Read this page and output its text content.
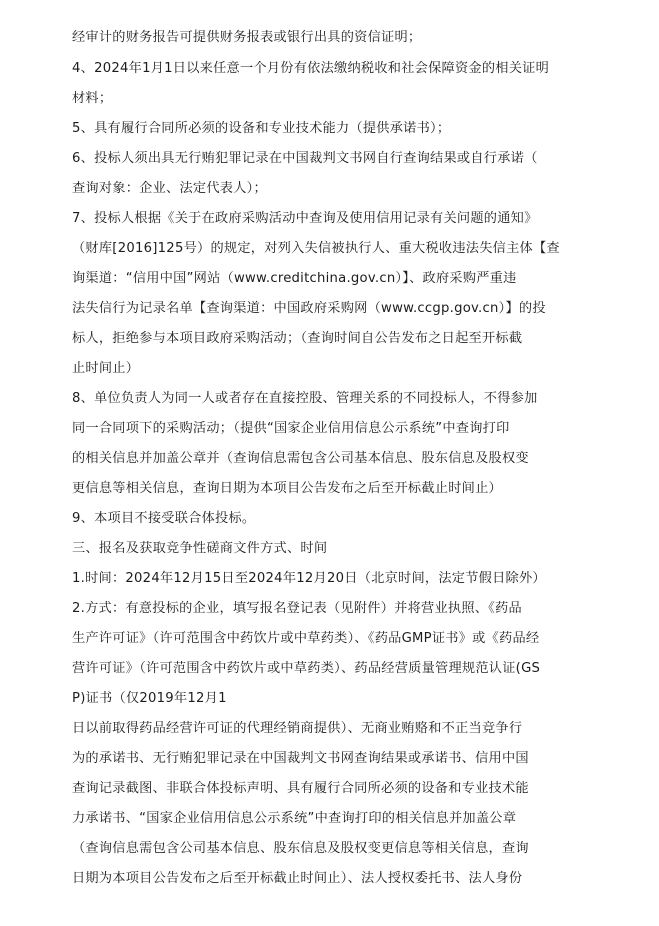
经审计的财务报告可提供财务报表或银行出具的资信证明；
4、2024年1月1日以来任意一个月份有依法缴纳税收和社会保障资金的相关证明
材料；
5、具有履行合同所必须的设备和专业技术能力（提供承诺书）；
6、投标人须出具无行贿犯罪记录在中国裁判文书网自行查询结果或自行承诺（
查询对象：企业、法定代表人）；
7、投标人根据《关于在政府采购活动中查询及使用信用记录有关问题的通知》
（财库[2016]125号）的规定，对列入失信被执行人、重大税收违法失信主体【查
询渠道：“信用中国”网站（www.creditchina.gov.cn）】、政府采购严重违
法失信行为记录名单【查询渠道：中国政府采购网（www.ccgp.gov.cn）】的投
标人，拒绝参与本项目政府采购活动；（查询时间自公告发布之日起至开标截
止时间止）
8、单位负责人为同一人或者存在直接控股、管理关系的不同投标人，不得参加
同一合同项下的采购活动；（提供“国家企业信用信息公示系统”中查询打印
的相关信息并加盖公章并（查询信息需包含公司基本信息、股东信息及股权变
更信息等相关信息，查询日期为本项目公告发布之后至开标截止时间止）
9、本项目不接受联合体投标。
三、报名及获取竞争性磋商文件方式、时间
1.时间：2024年12月15日至2024年12月20日（北京时间，法定节假日除外）
2.方式：有意投标的企业，填写报名登记表（见附件）并将营业执照、《药品
生产许可证》（许可范围含中药饮片或中草药类）、《药品GMP证书》或《药品经
营许可证》（许可范围含中药饮片或中草药类）、药品经营质量管理规范认证(GS
P)证书（仅2019年12月1
日以前取得药品经营许可证的代理经销商提供）、无商业贿赂和不正当竞争行
为的承诺书、无行贿犯罪记录在中国裁判文书网查询结果或承诺书、信用中国
查询记录截图、非联合体投标声明、具有履行合同所必须的设备和专业技术能
力承诺书、“国家企业信用信息公示系统”中查询打印的相关信息并加盖公章
（查询信息需包含公司基本信息、股东信息及股权变更信息等相关信息，查询
日期为本项目公告发布之后至开标截止时间止）、法人授权委托书、法人身份
